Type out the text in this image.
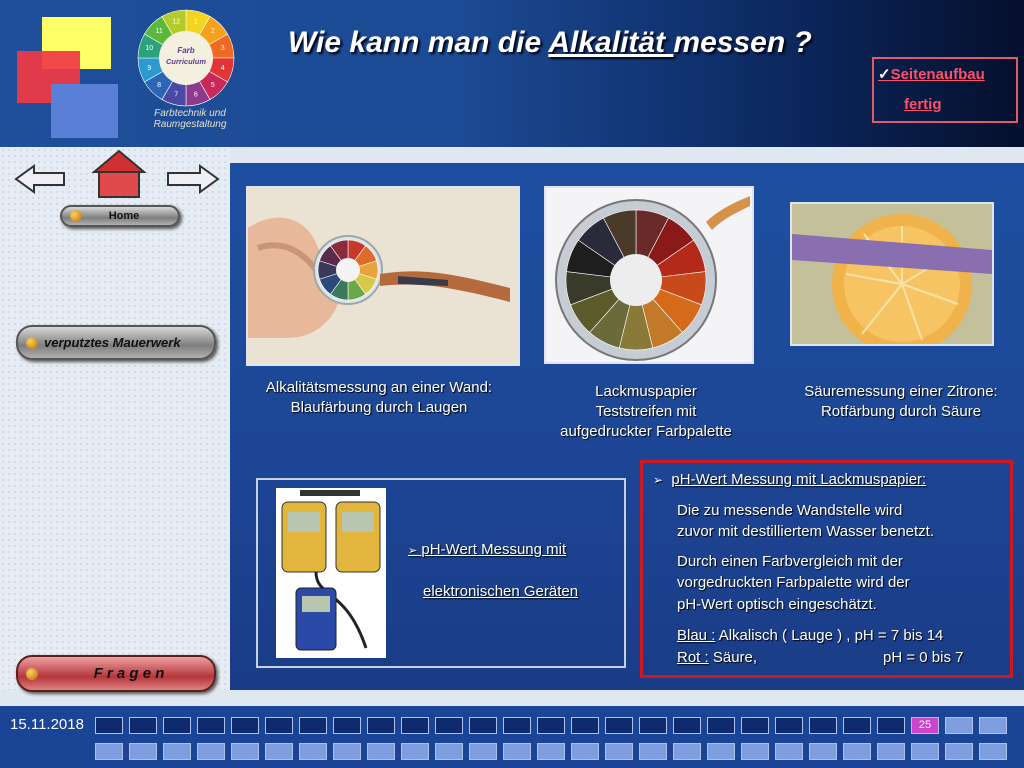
Farb
Curriculum
1
2
3
4
5
6
7
8
9
10
11
12
Farbtechnik und
Raumgestaltung
Wie kann man die Alkalität messen ?
✓Seitenaufbau
fertig
Home
verputztes Mauerwerk
F r a g e n
Alkalitätsmessung an einer Wand:
Blaufärbung durch Laugen
Lackmuspapier
Teststreifen mit
aufgedruckter Farbpalette
Säuremessung einer Zitrone:
Rotfärbung durch Säure
➢ pH-Wert Messung mit
elektronischen Geräten
➢ pH-Wert Messung mit Lackmuspapier:
Die zu messende Wandstelle wird
zuvor mit destilliertem Wasser benetzt.
Durch einen Farbvergleich mit der
vorgedruckten Farbpalette wird der
pH-Wert optisch eingeschätzt.
Blau : Alkalisch ( Lauge ) , pH = 7 bis 14
Rot : Säure,	pH = 0 bis 7
15.11.2018	25
